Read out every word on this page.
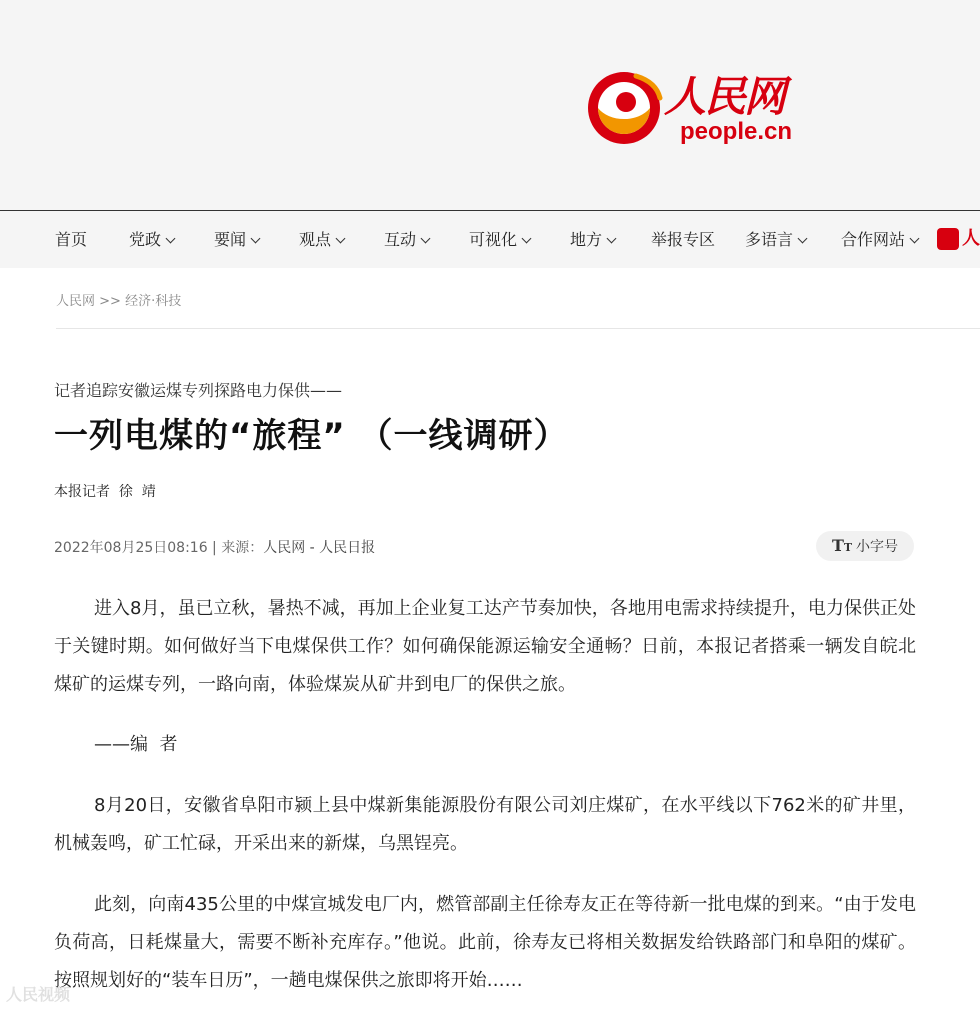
人民网
people.cn
首页	党政	要闻	观点	互动	可视化	地方	举报专区 多语言	合作网站	人
人民网 >> 经济·科技
记者追踪安徽运煤专列探路电力保供——
一列电煤的“旅程” （一线调研）
本报记者  徐  靖
2022年08月25日08:16 | 来源：人民网 - 人民日报	TT 小字号
进入8月，虽已立秋，暑热不减，再加上企业复工达产节奏加快，各地用电需求持续提升，电力保供正处于关键时期。如何做好当下电煤保供工作？如何确保能源运输安全通畅？日前，本报记者搭乘一辆发自皖北煤矿的运煤专列，一路向南，体验煤炭从矿井到电厂的保供之旅。
——编  者
8月20日，安徽省阜阳市颍上县中煤新集能源股份有限公司刘庄煤矿，在水平线以下762米的矿井里，机械轰鸣，矿工忙碌，开采出来的新煤，乌黑锃亮。
此刻，向南435公里的中煤宣城发电厂内，燃管部副主任徐寿友正在等待新一批电煤的到来。“由于发电负荷高，日耗煤量大，需要不断补充库存。”他说。此前，徐寿友已将相关数据发给铁路部门和阜阳的煤矿。按照规划好的“装车日历”，一趟电煤保供之旅即将开始……
人民视频
